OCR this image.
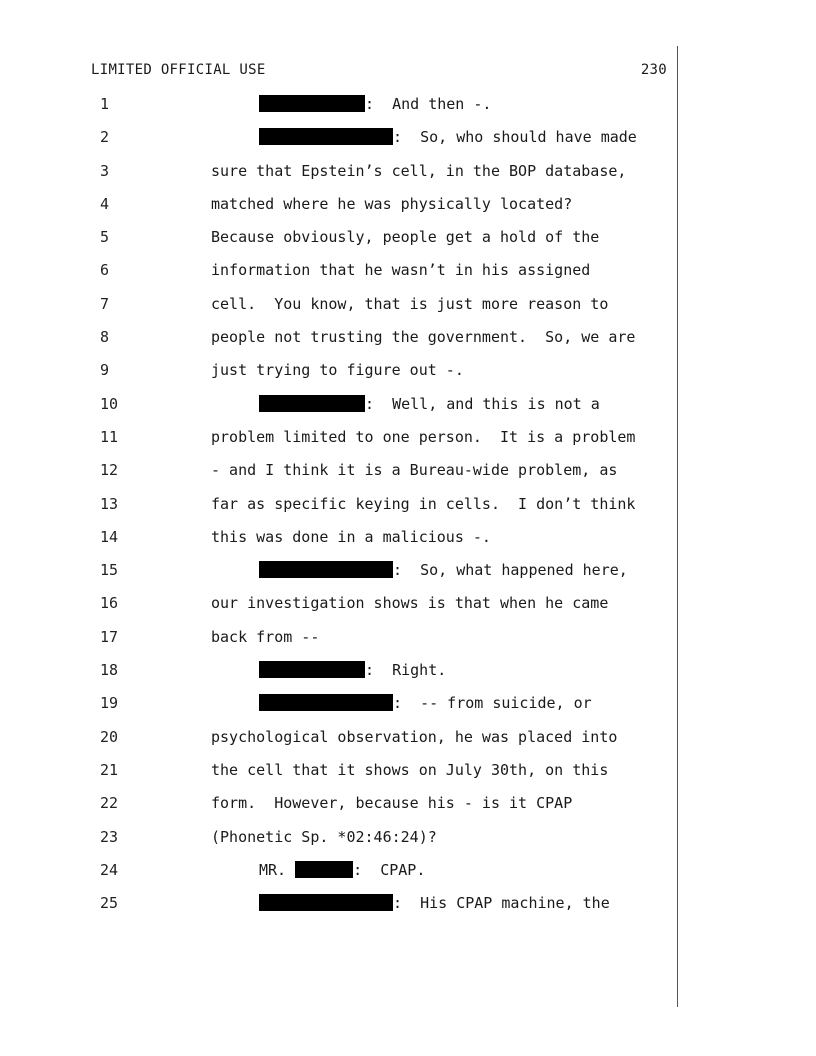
LIMITED OFFICIAL USE	230
1	:  And then -.
2	:  So, who should have made
3	sure that Epstein’s cell, in the BOP database,
4	matched where he was physically located?
5	Because obviously, people get a hold of the
6	information that he wasn’t in his assigned
7	cell.  You know, that is just more reason to
8	people not trusting the government.  So, we are
9	just trying to figure out -.
10	:  Well, and this is not a
11	problem limited to one person.  It is a problem
12	- and I think it is a Bureau-wide problem, as
13	far as specific keying in cells.  I don’t think
14	this was done in a malicious -.
15	:  So, what happened here,
16	our investigation shows is that when he came
17	back from --
18	:  Right.
19	:  -- from suicide, or
20	psychological observation, he was placed into
21	the cell that it shows on July 30th, on this
22	form.  However, because his - is it CPAP
23	(Phonetic Sp. *02:46:24)?
24	MR.	:  CPAP.
25	:  His CPAP machine, the
